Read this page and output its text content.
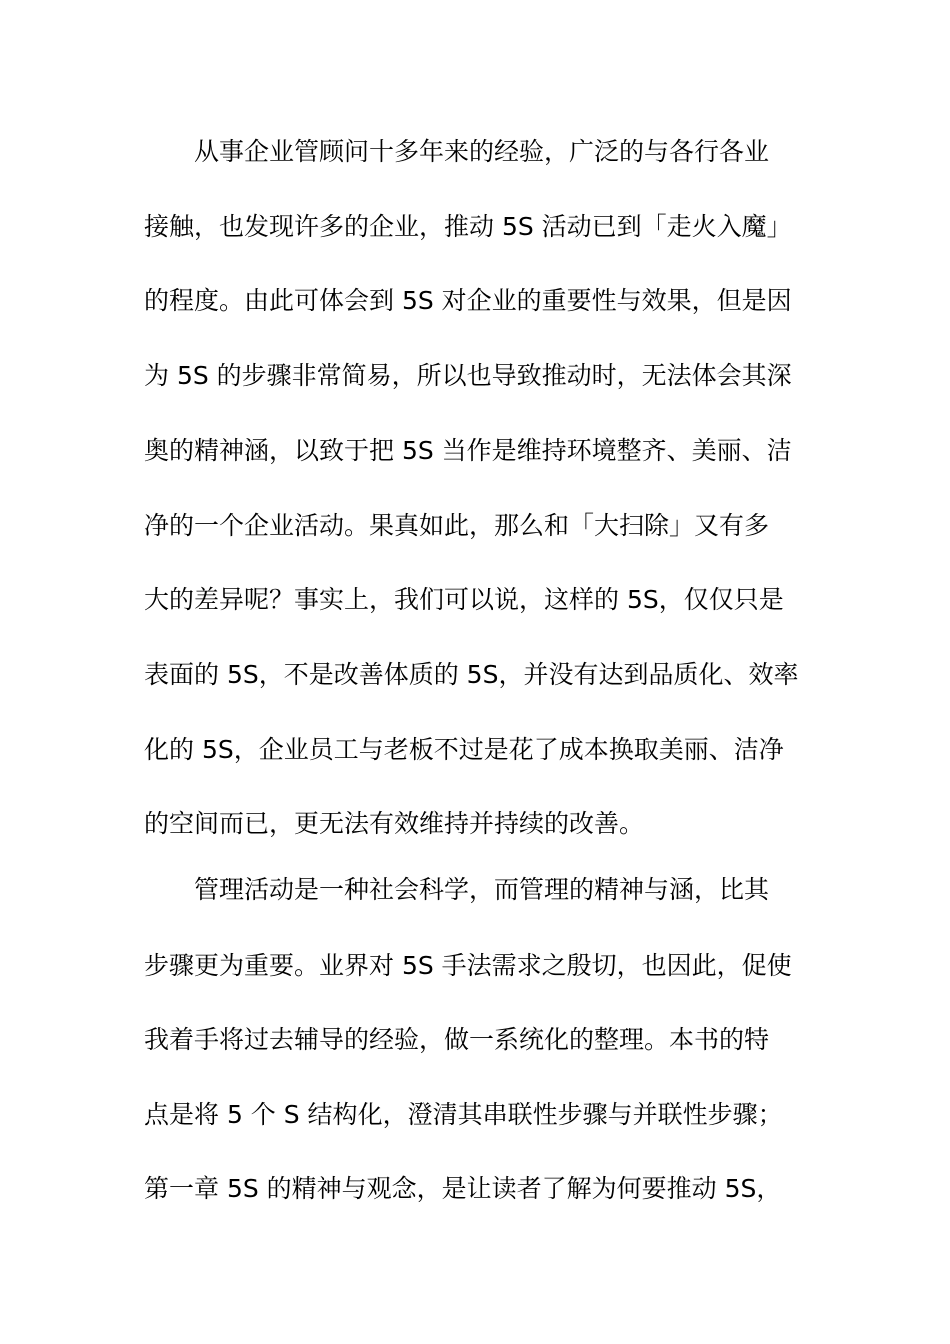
从事企业管顾问十多年来的经验，广泛的与各行各业
接触，也发现许多的企业，推动 5S 活动已到「走火入魔」
的程度。由此可体会到 5S 对企业的重要性与效果，但是因
为 5S 的步骤非常简易，所以也导致推动时，无法体会其深
奥的精神涵，以致于把 5S 当作是维持环境整齐、美丽、洁
净的一个企业活动。果真如此，那么和「大扫除」又有多
大的差异呢？事实上，我们可以说，这样的 5S，仅仅只是
表面的 5S，不是改善体质的 5S，并没有达到品质化、效率
化的 5S，企业员工与老板不过是花了成本换取美丽、洁净
的空间而已，更无法有效维持并持续的改善。
管理活动是一种社会科学，而管理的精神与涵，比其
步骤更为重要。业界对 5S 手法需求之殷切，也因此，促使
我着手将过去辅导的经验，做一系统化的整理。本书的特
点是将 5 个 S 结构化，澄清其串联性步骤与并联性步骤；
第一章 5S 的精神与观念，是让读者了解为何要推动 5S，
